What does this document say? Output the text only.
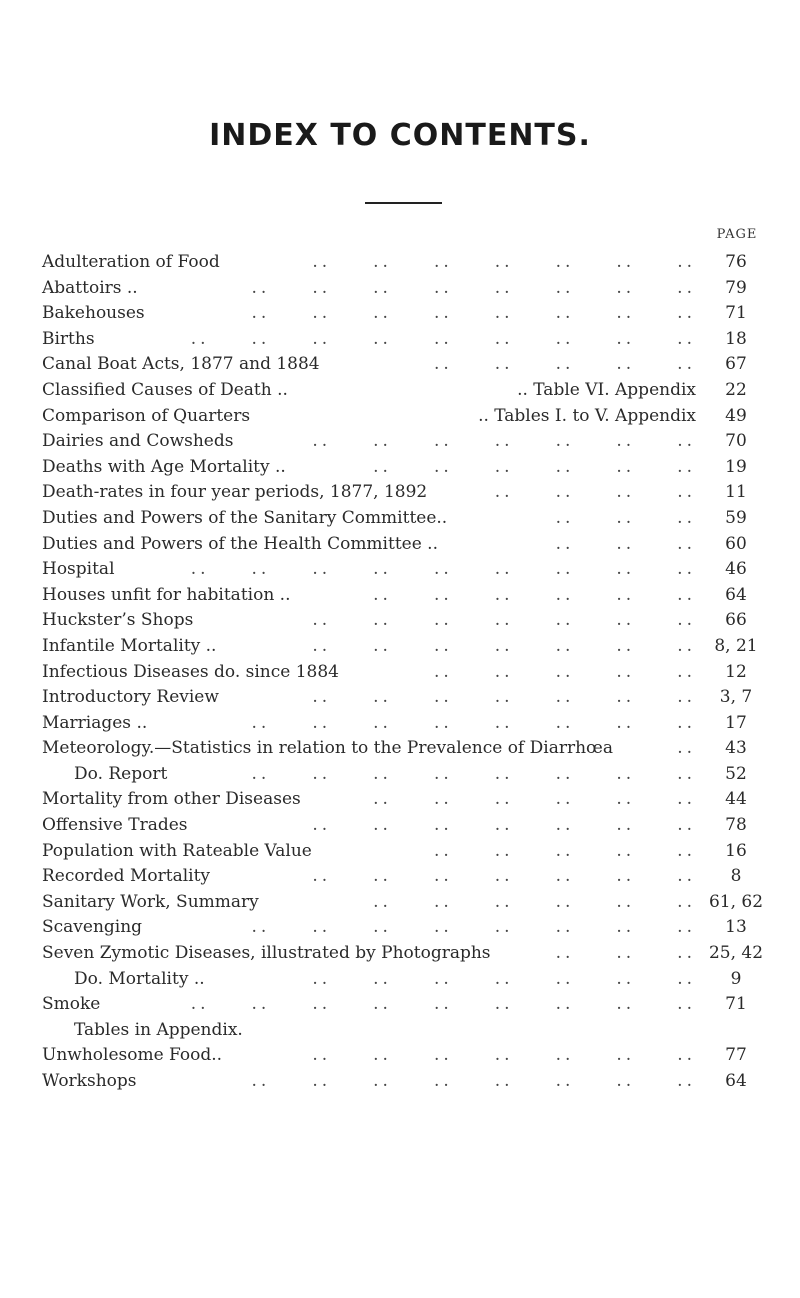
INDEX TO CONTENTS.
PAGE
Adulteration of Food	76
..  ..  ..  ..  ..  ..  ..
Abattoirs ..	79
..  ..  ..  ..  ..  ..  ..  ..
Bakehouses	71
..  ..  ..  ..  ..  ..  ..  ..
Births	18
..  ..  ..  ..  ..  ..  ..  ..  ..
Canal Boat Acts, 1877 and 1884	67
..  ..  ..  ..  ..
Classified Causes of Death ..	.. Table VI. Appendix	22
Comparison of Quarters	.. Tables I. to V. Appendix	49
Dairies and Cowsheds	70
..  ..  ..  ..  ..  ..  ..
Deaths with Age Mortality ..	19
..  ..  ..  ..  ..  ..
Death-rates in four year periods, 1877, 1892	11
..  ..  ..  ..
Duties and Powers of the Sanitary Committee..	59
..  ..  ..
Duties and Powers of the Health Committee ..	60
..  ..  ..
Hospital	46
..  ..  ..  ..  ..  ..  ..  ..  ..
Houses unfit for habitation ..	64
..  ..  ..  ..  ..  ..
Huckster’s Shops	66
..  ..  ..  ..  ..  ..  ..
Infantile Mortality ..	8, 21
..  ..  ..  ..  ..  ..  ..
Infectious Diseases do. since 1884	12
..  ..  ..  ..  ..
Introductory Review	3, 7
..  ..  ..  ..  ..  ..  ..
Marriages ..	17
..  ..  ..  ..  ..  ..  ..  ..
Meteorology.—Statistics in relation to the Prevalence of Diarrhœa	43
..
Do. Report	52
..  ..  ..  ..  ..  ..  ..  ..
Mortality from other Diseases	44
..  ..  ..  ..  ..  ..
Offensive Trades	78
..  ..  ..  ..  ..  ..  ..
Population with Rateable Value	16
..  ..  ..  ..  ..
Recorded Mortality	8
..  ..  ..  ..  ..  ..  ..
Sanitary Work, Summary	61, 62
..  ..  ..  ..  ..  ..
Scavenging	13
..  ..  ..  ..  ..  ..  ..  ..
Seven Zymotic Diseases, illustrated by Photographs	25, 42
..  ..  ..
Do. Mortality ..	9
..  ..  ..  ..  ..  ..  ..
Smoke	71
..  ..  ..  ..  ..  ..  ..  ..  ..
Tables in Appendix.
Unwholesome Food..	77
..  ..  ..  ..  ..  ..  ..
Workshops	64
..  ..  ..  ..  ..  ..  ..  ..
